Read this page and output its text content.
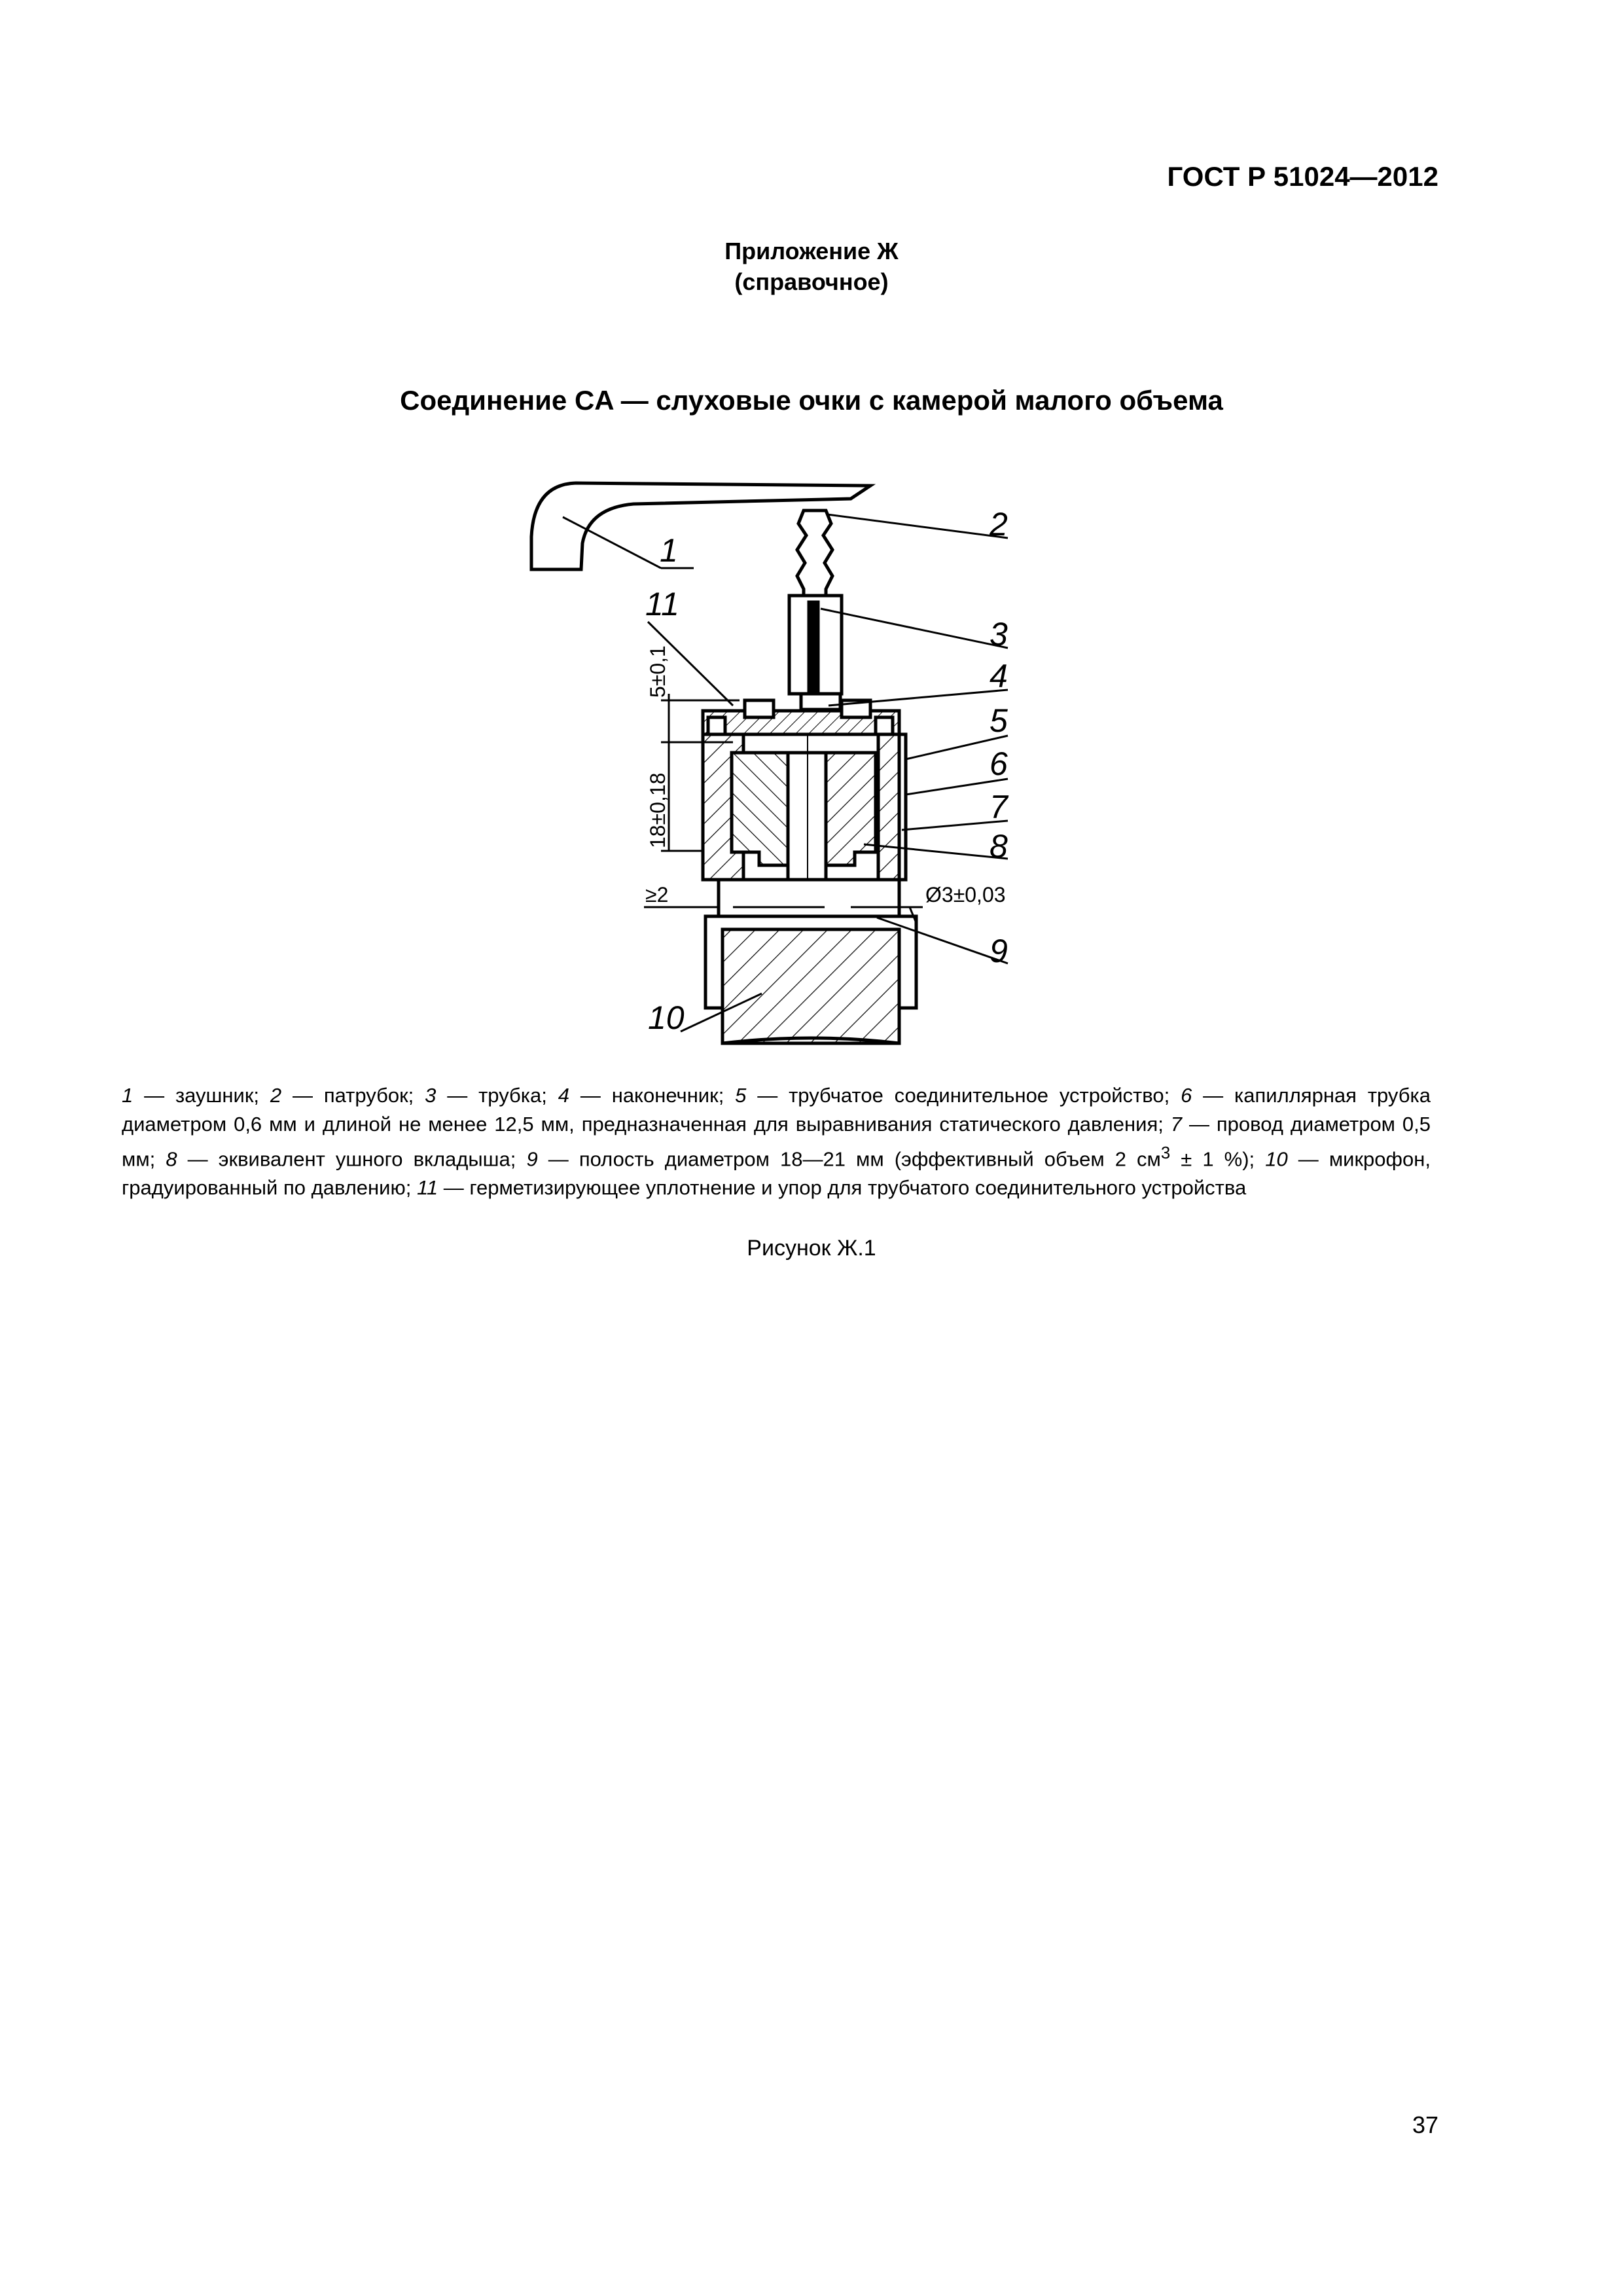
ГОСТ Р 51024—2012
Приложение Ж
(справочное)
Соединение CA — слуховые очки с камерой малого объема
1
2
3
4
5
6
7
8
9
10
11
5±0,1
18±0,18
≥2	Ø3±0,03
1 — заушник; 2 — патрубок; 3 — трубка; 4 — наконечник; 5 — трубчатое соединительное устройство; 6 — капиллярная трубка диаметром 0,6 мм и длиной не менее 12,5 мм, предназначенная для выравнивания статического давления; 7 — провод диаметром 0,5 мм; 8 — эквивалент ушного вкладыша; 9 — полость диаметром 18—21 мм (эффективный объем 2 $см^3 \pm 1$ %); 10 — микрофон, градуированный по давлению; 11 — герметизирующее уплотнение и упор для трубчатого соединительного устройства
Рисунок Ж.1
37
